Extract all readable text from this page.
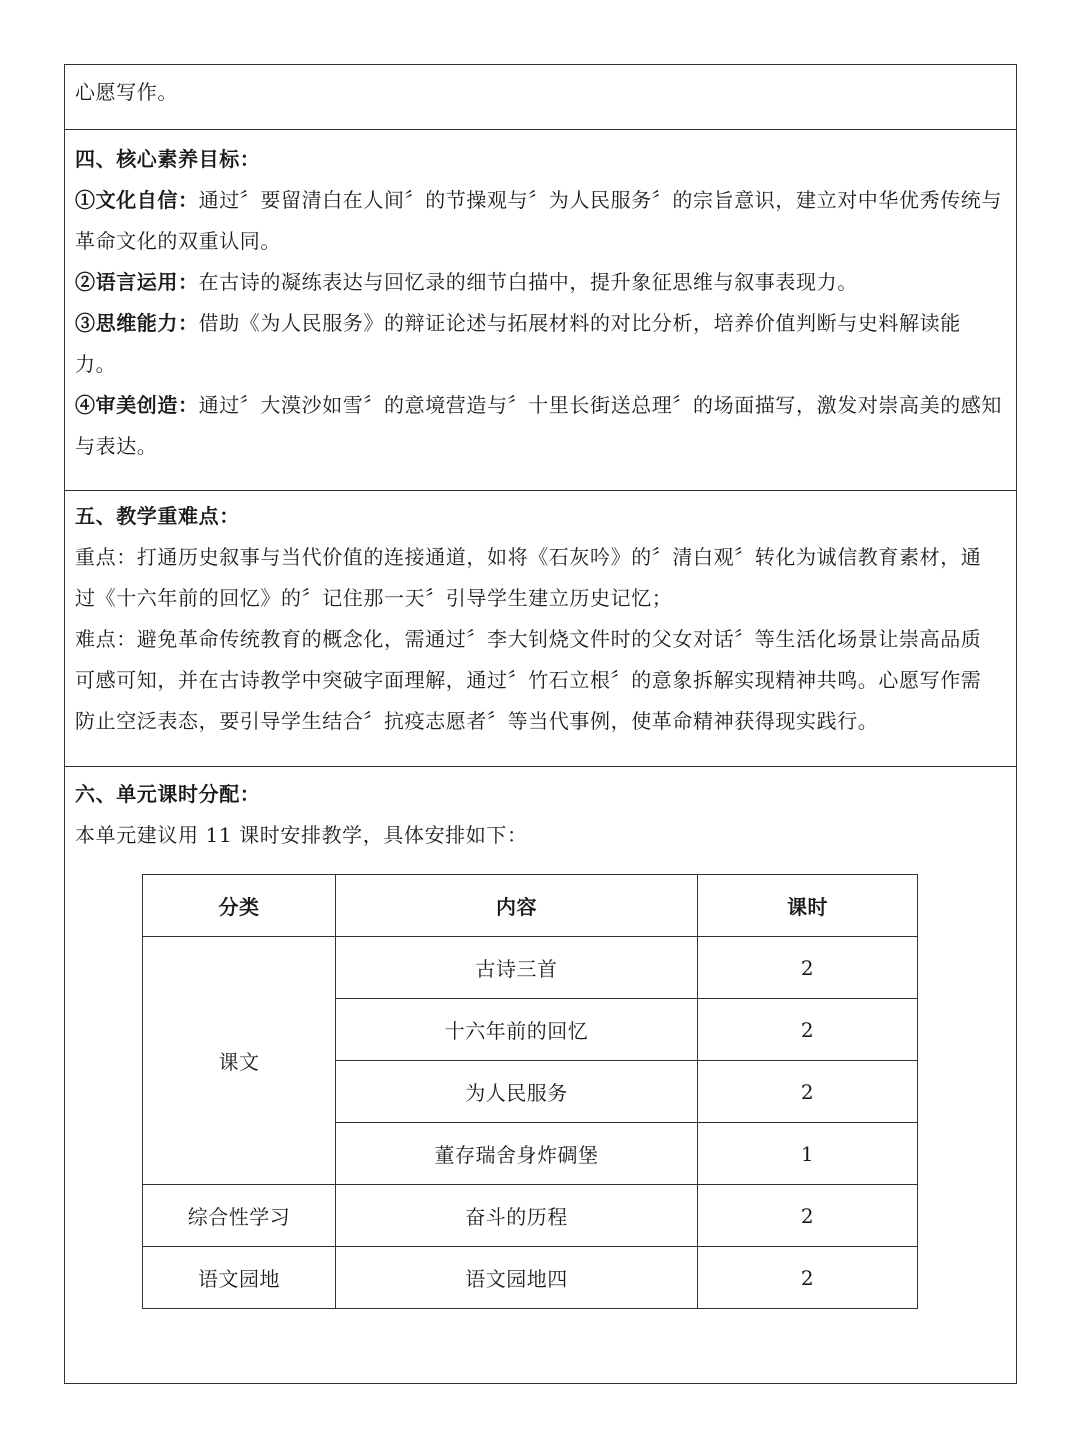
心愿写作。
四、核心素养目标：
①文化自信：通过〞要留清白在人间〞的节操观与〞为人民服务〞的宗旨意识，建立对中华优秀传统与
革命文化的双重认同。
②语言运用：在古诗的凝练表达与回忆录的细节白描中，提升象征思维与叙事表现力。
③思维能力：借助《为人民服务》的辩证论述与拓展材料的对比分析，培养价值判断与史料解读能
力。
④审美创造：通过〞大漠沙如雪〞的意境营造与〞十里长街送总理〞的场面描写，激发对崇高美的感知
与表达。
五、教学重难点：
重点：打通历史叙事与当代价值的连接通道，如将《石灰吟》的〞清白观〞转化为诚信教育素材，通
过《十六年前的回忆》的〞记住那一天〞引导学生建立历史记忆；
难点：避免革命传统教育的概念化，需通过〞李大钊烧文件时的父女对话〞等生活化场景让崇高品质
可感可知，并在古诗教学中突破字面理解，通过〞竹石立根〞的意象拆解实现精神共鸣。心愿写作需
防止空泛表态，要引导学生结合〞抗疫志愿者〞等当代事例，使革命精神获得现实践行。
六、单元课时分配：
本单元建议用 11 课时安排教学，具体安排如下：
分类	内容	课时
课文	古诗三首	2
	十六年前的回忆	2
	为人民服务	2
	董存瑞舍身炸碉堡	1
综合性学习	奋斗的历程	2
语文园地	语文园地四	2
